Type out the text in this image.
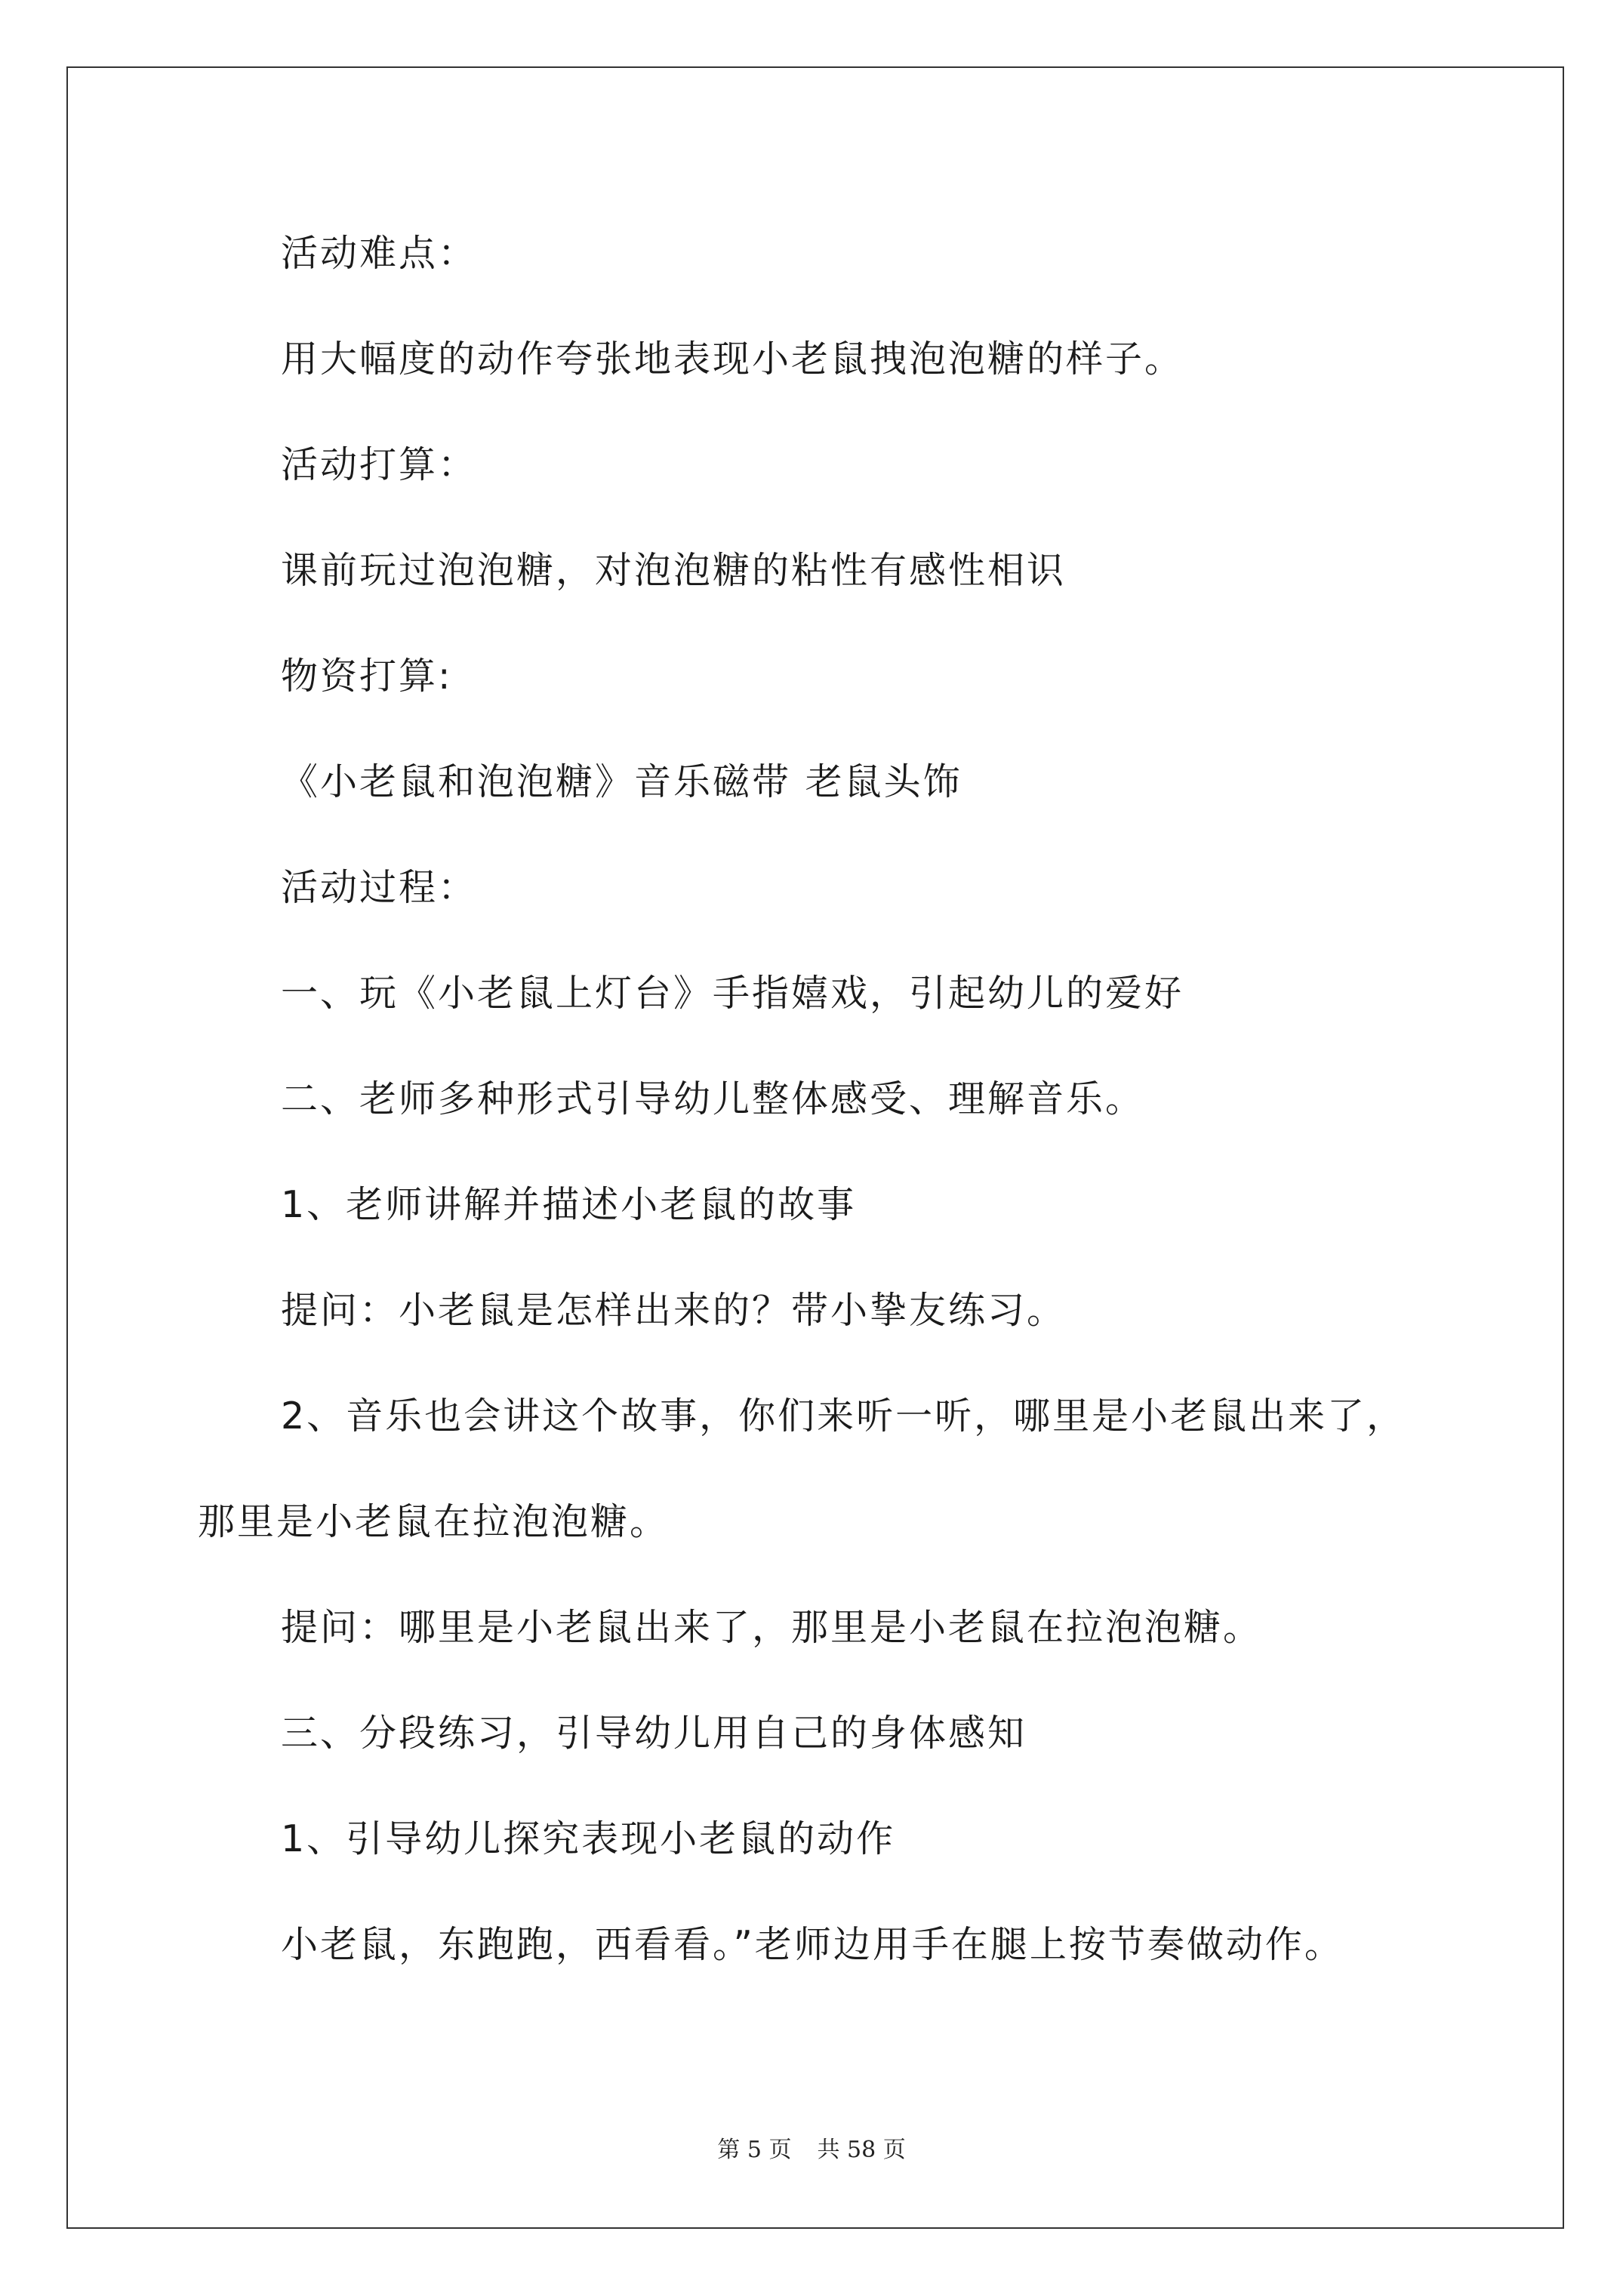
活动难点：
用大幅度的动作夸张地表现小老鼠拽泡泡糖的样子。
活动打算：
课前玩过泡泡糖，对泡泡糖的粘性有感性相识
物资打算:
《小老鼠和泡泡糖》音乐磁带 老鼠头饰
活动过程：
一、玩《小老鼠上灯台》手指嬉戏，引起幼儿的爱好
二、老师多种形式引导幼儿整体感受、理解音乐。
1、老师讲解并描述小老鼠的故事
提问：小老鼠是怎样出来的？带小挚友练习。
2、音乐也会讲这个故事，你们来听一听，哪里是小老鼠出来了，
那里是小老鼠在拉泡泡糖。
提问：哪里是小老鼠出来了，那里是小老鼠在拉泡泡糖。
三、分段练习，引导幼儿用自己的身体感知
1、引导幼儿探究表现小老鼠的动作
小老鼠，东跑跑，西看看。”老师边用手在腿上按节奏做动作。
第 5 页 共 58 页
